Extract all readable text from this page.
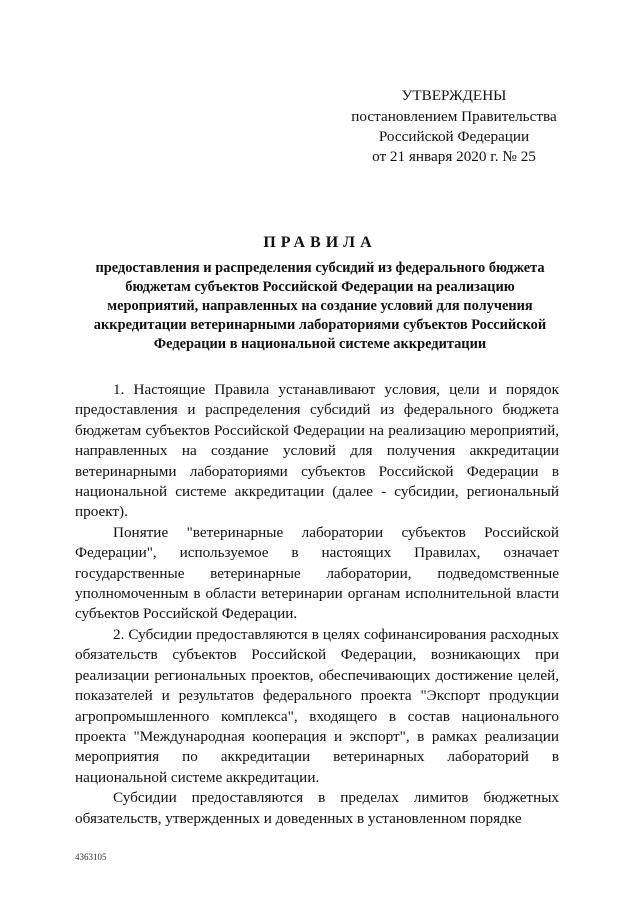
УТВЕРЖДЕНЫ
постановлением Правительства
Российской Федерации
от 21 января 2020 г. № 25
ПРАВИЛА
предоставления и распределения субсидий из федерального бюджета бюджетам субъектов Российской Федерации на реализацию мероприятий, направленных на создание условий для получения аккредитации ветеринарными лабораториями субъектов Российской Федерации в национальной системе аккредитации

1. Настоящие Правила устанавливают условия, цели и порядок предоставления и распределения субсидий из федерального бюджета бюджетам субъектов Российской Федерации на реализацию мероприятий, направленных на создание условий для получения аккредитации ветеринарными лабораториями субъектов Российской Федерации в национальной системе аккредитации (далее - субсидии, региональный проект).

Понятие "ветеринарные лаборатории субъектов Российской Федерации", используемое в настоящих Правилах, означает государственные ветеринарные лаборатории, подведомственные уполномоченным в области ветеринарии органам исполнительной власти субъектов Российской Федерации.

2. Субсидии предоставляются в целях софинансирования расходных обязательств субъектов Российской Федерации, возникающих при реализации региональных проектов, обеспечивающих достижение целей, показателей и результатов федерального проекта "Экспорт продукции агропромышленного комплекса", входящего в состав национального проекта "Международная кооперация и экспорт", в рамках реализации мероприятия по аккредитации ветеринарных лабораторий в национальной системе аккредитации.

Субсидии предоставляются в пределах лимитов бюджетных обязательств, утвержденных и доведенных в установленном порядке

4363105
